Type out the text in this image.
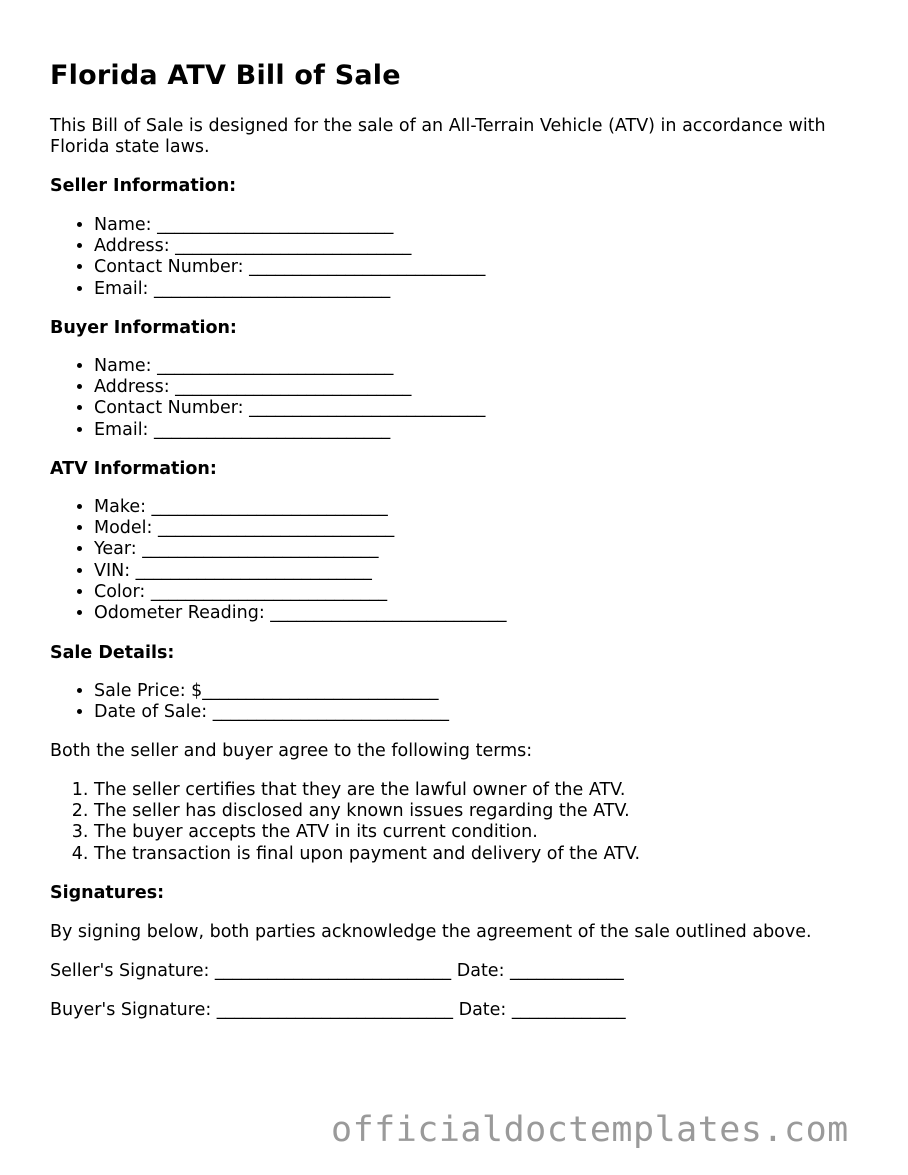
Florida ATV Bill of Sale

This Bill of Sale is designed for the sale of an All-Terrain Vehicle (ATV) in accordance with Florida state laws.

Seller Information:

• Name: ___________________________
• Address: ___________________________
• Contact Number: ___________________________
• Email: ___________________________

Buyer Information:

• Name: ___________________________
• Address: ___________________________
• Contact Number: ___________________________
• Email: ___________________________

ATV Information:

• Make: ___________________________
• Model: ___________________________
• Year: ___________________________
• VIN: ___________________________
• Color: ___________________________
• Odometer Reading: ___________________________

Sale Details:

• Sale Price: $___________________________
• Date of Sale: ___________________________

Both the seller and buyer agree to the following terms:

1. The seller certifies that they are the lawful owner of the ATV.
2. The seller has disclosed any known issues regarding the ATV.
3. The buyer accepts the ATV in its current condition.
4. The transaction is final upon payment and delivery of the ATV.

Signatures:

By signing below, both parties acknowledge the agreement of the sale outlined above.

Seller's Signature: ___________________________ Date: _____________

Buyer's Signature: ___________________________ Date: _____________

officialdoctemplates.com
